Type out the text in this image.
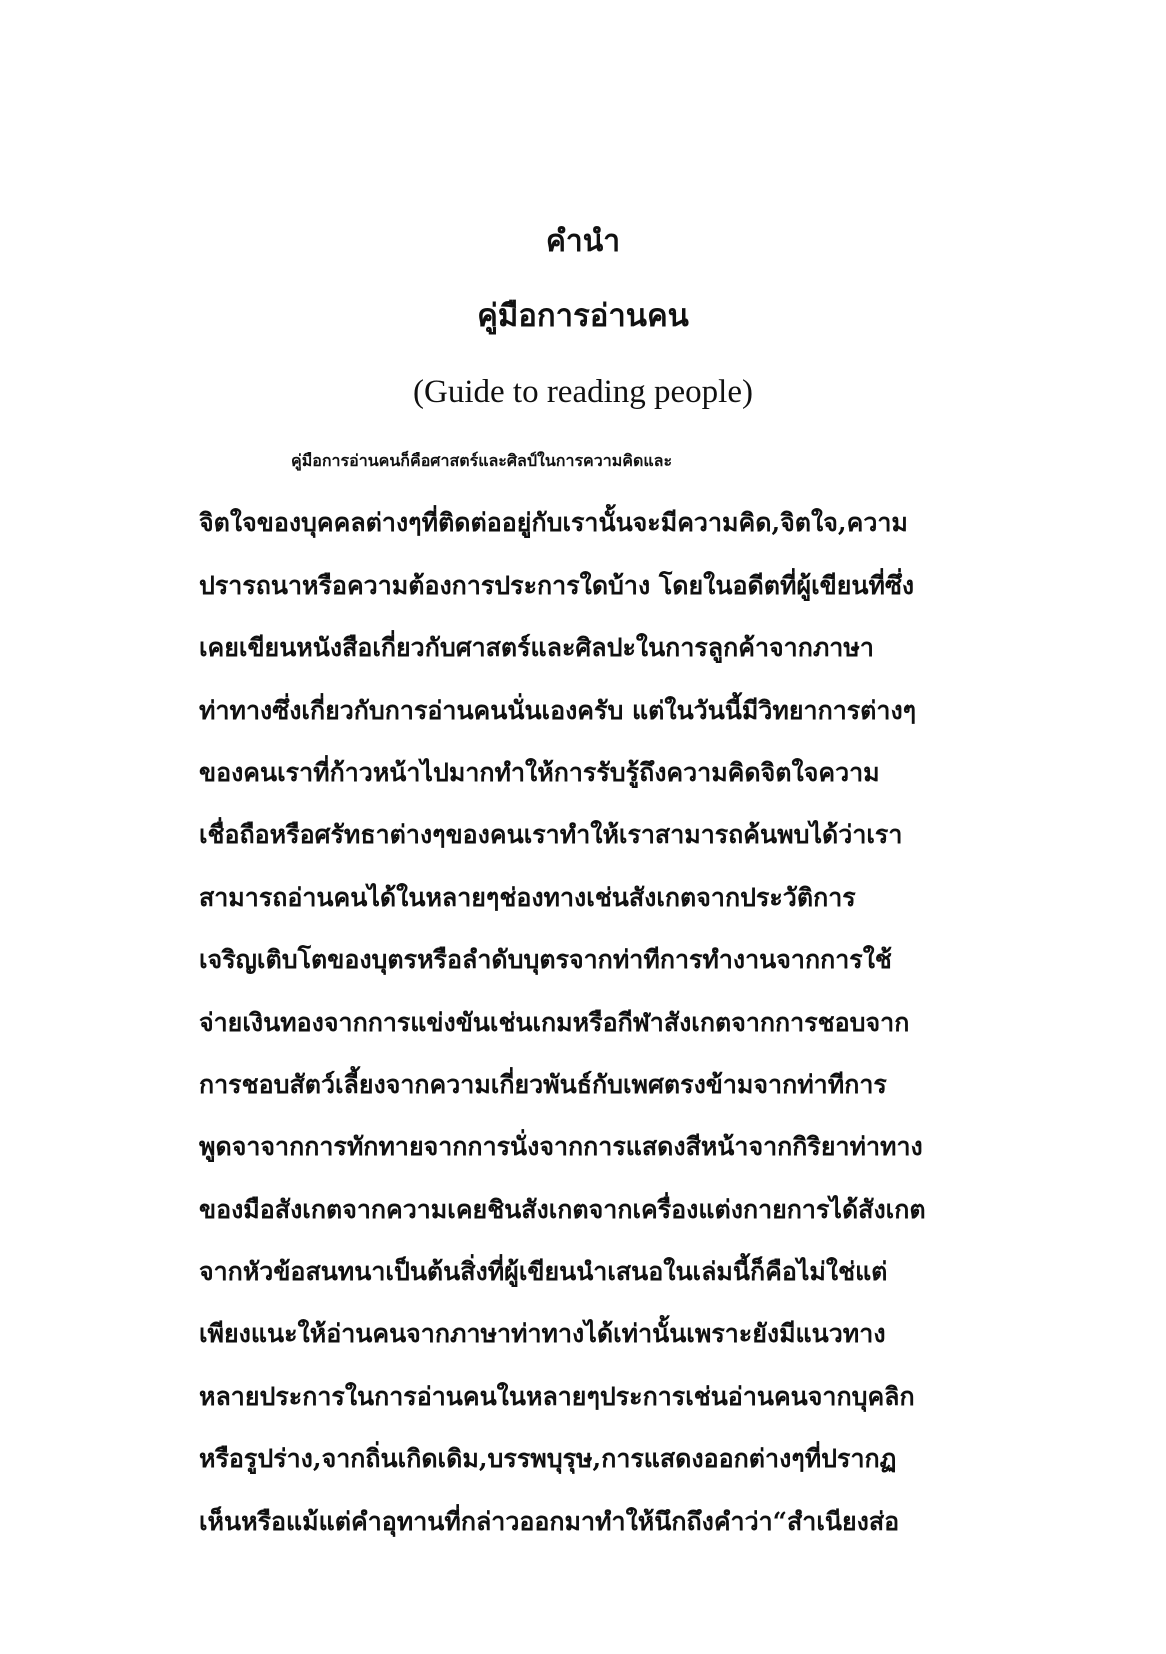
คำนำ
คู่มือการอ่านคน
(Guide to reading people)
คู่มือการอ่านคนก็คือศาสตร์และศิลป์ในการความคิดและ
จิตใจของบุคคลต่างๆที่ติดต่ออยู่กับเรานั้นจะมีความคิด,จิตใจ,ความ
ปรารถนาหรือความต้องการประการใดบ้าง โดยในอดีตที่ผู้เขียนที่ซึ่ง
เคยเขียนหนังสือเกี่ยวกับศาสตร์และศิลปะในการลูกค้าจากภาษา
ท่าทางซึ่งเกี่ยวกับการอ่านคนนั่นเองครับ แต่ในวันนี้มีวิทยาการต่างๆ
ของคนเราที่ก้าวหน้าไปมากทำให้การรับรู้ถึงความคิดจิตใจความ
เชื่อถือหรือศรัทธาต่างๆของคนเราทำให้เราสามารถค้นพบได้ว่าเรา
สามารถอ่านคนได้ในหลายๆช่องทางเช่นสังเกตจากประวัติการ
เจริญเติบโตของบุตรหรือลำดับบุตรจากท่าทีการทำงานจากการใช้
จ่ายเงินทองจากการแข่งขันเช่นเกมหรือกีฬาสังเกตจากการชอบจาก
การชอบสัตว์เลี้ยงจากความเกี่ยวพันธ์กับเพศตรงข้ามจากท่าทีการ
พูดจาจากการทักทายจากการนั่งจากการแสดงสีหน้าจากกิริยาท่าทาง
ของมือสังเกตจากความเคยชินสังเกตจากเครื่องแต่งกายการได้สังเกต
จากหัวข้อสนทนาเป็นต้นสิ่งที่ผู้เขียนนำเสนอในเล่มนี้ก็คือไม่ใช่แต่
เพียงแนะให้อ่านคนจากภาษาท่าทางได้เท่านั้นเพราะยังมีแนวทาง
หลายประการในการอ่านคนในหลายๆประการเช่นอ่านคนจากบุคลิก
หรือรูปร่าง,จากถิ่นเกิดเดิม,บรรพบุรุษ,การแสดงออกต่างๆที่ปรากฏ
เห็นหรือแม้แต่คำอุทานที่กล่าวออกมาทำให้นึกถึงคำว่า“สำเนียงส่อ
